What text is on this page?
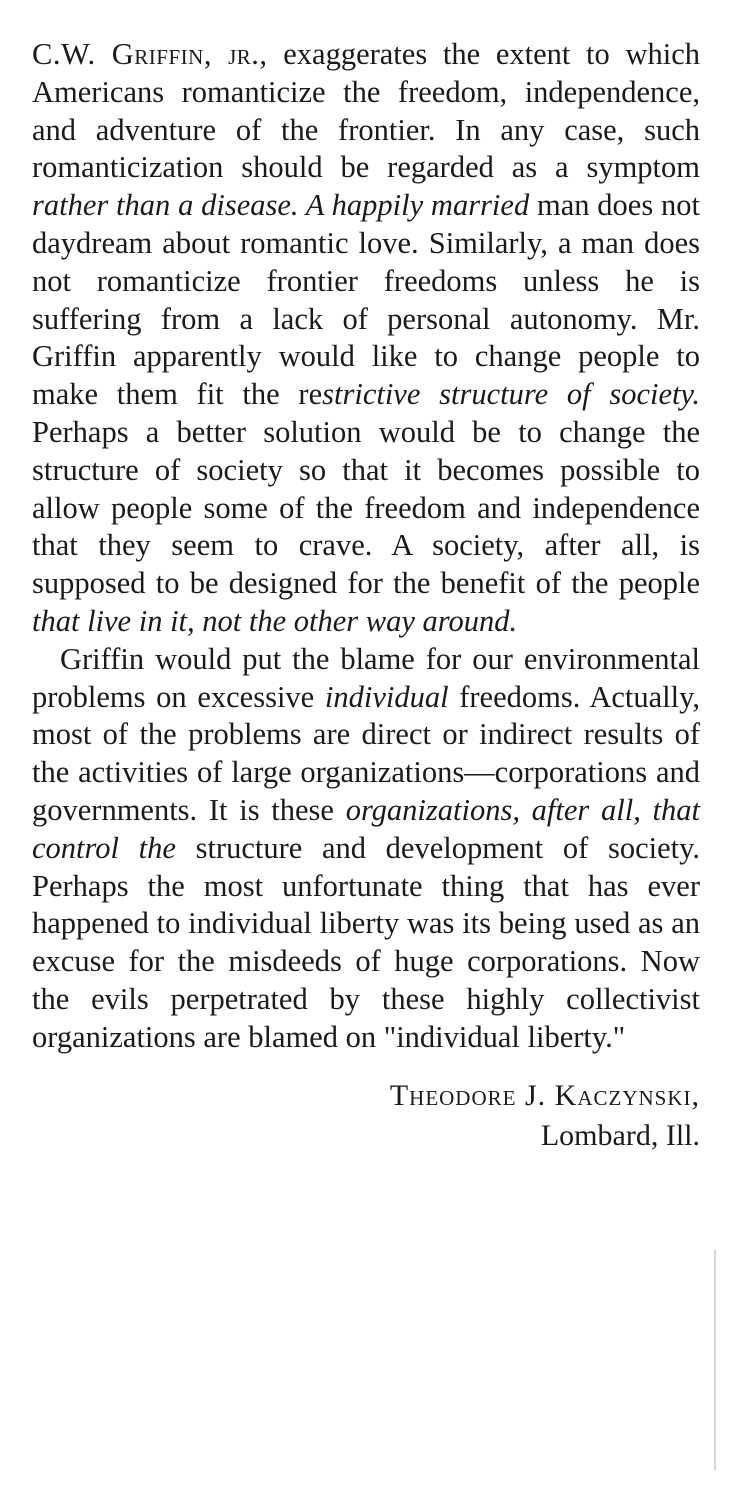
C.W. Griffin, jr., exaggerates the extent to which Americans romanticize the freedom, independence, and adventure of the frontier. In any case, such romanticization should be regarded as a symptom rather than a disease. A happily married man does not daydream about romantic love. Similarly, a man does not romanticize frontier freedoms unless he is suffering from a lack of personal autonomy. Mr. Griffin apparently would like to change people to make them fit the restrictive structure of society. Perhaps a better solution would be to change the structure of society so that it becomes possible to allow people some of the freedom and independence that they seem to crave. A society, after all, is supposed to be designed for the benefit of the people that live in it, not the other way around.

Griffin would put the blame for our environmental problems on excessive individual freedoms. Actually, most of the problems are direct or indirect results of the activities of large organizations—corporations and governments. It is these organizations, after all, that control the structure and development of society. Perhaps the most unfortunate thing that has ever happened to individual liberty was its being used as an excuse for the misdeeds of huge corporations. Now the evils perpetrated by these highly collectivist organizations are blamed on "individual liberty."

Theodore J. Kaczynski,
Lombard, Ill.
